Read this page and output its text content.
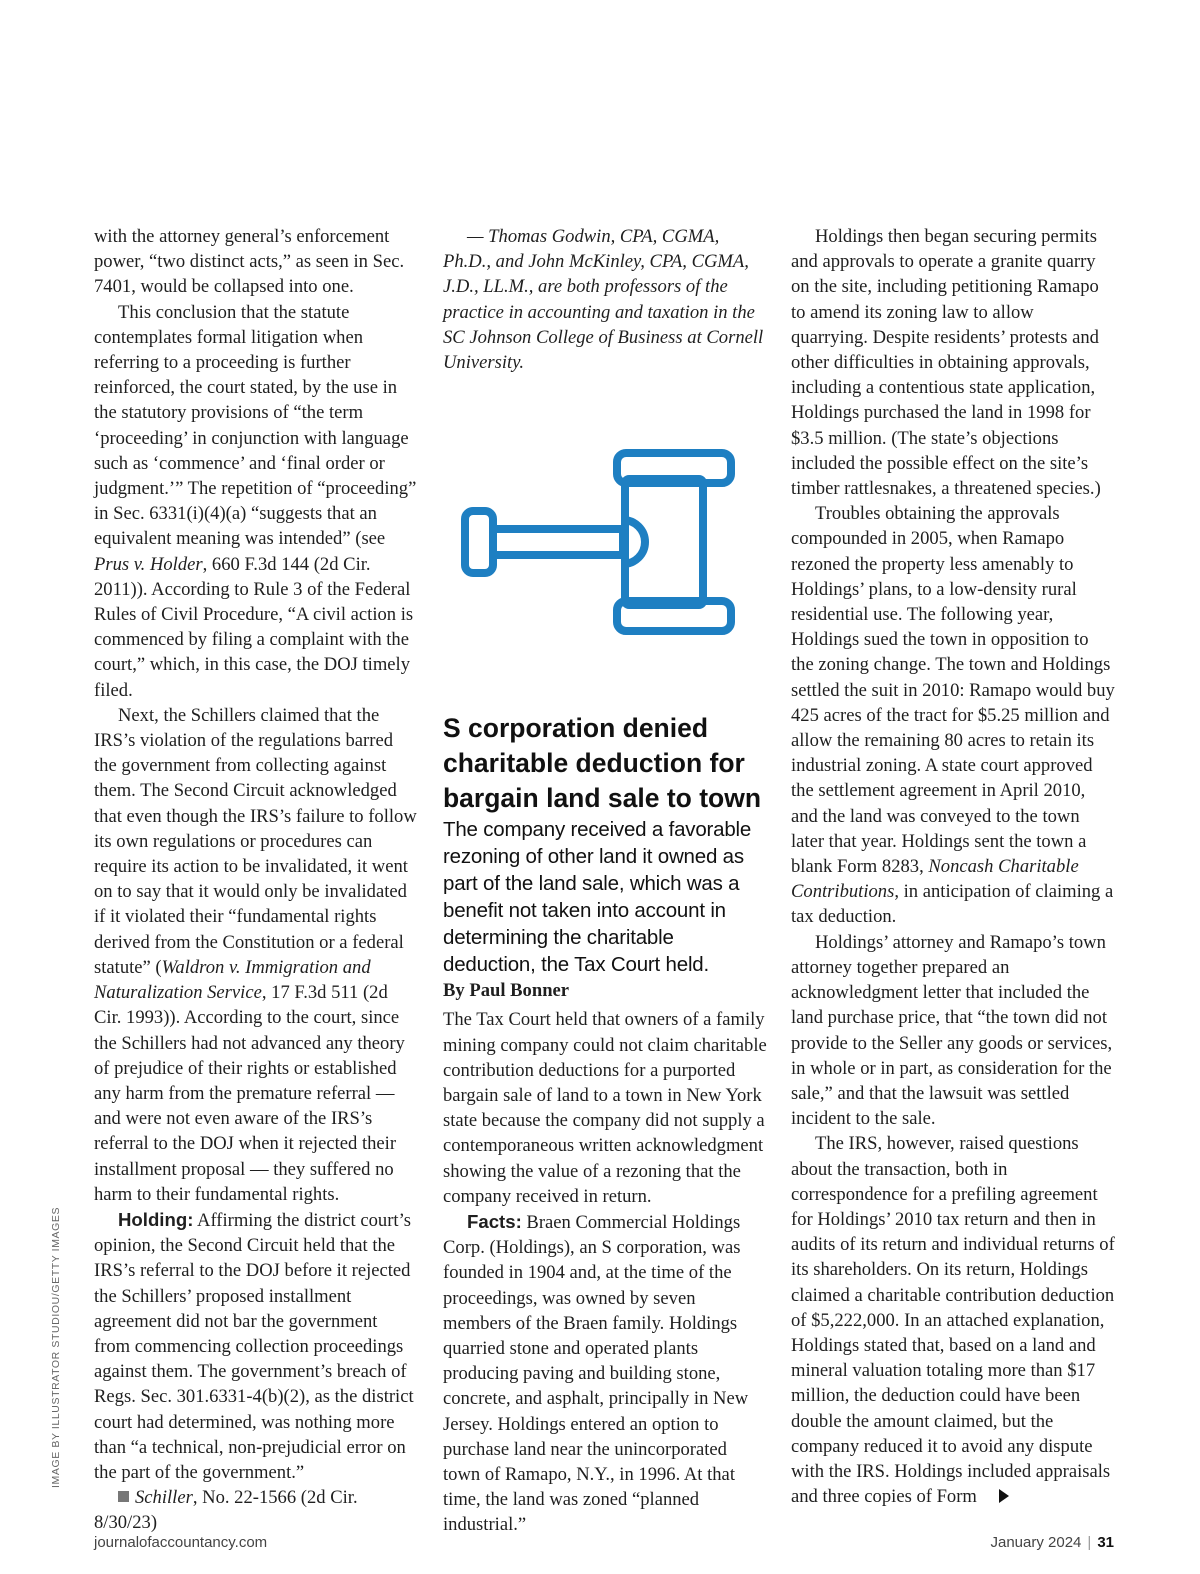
with the attorney general’s enforcement power, “two distinct acts,” as seen in Sec. 7401, would be collapsed into one.

This conclusion that the statute contemplates formal litigation when referring to a proceeding is further reinforced, the court stated, by the use in the statutory provisions of “the term ‘proceeding’ in conjunction with language such as ‘commence’ and ‘final order or judgment.’” The repetition of “proceeding” in Sec. 6331(i)(4)(a) “suggests that an equivalent meaning was intended” (see Prus v. Holder, 660 F.3d 144 (2d Cir. 2011)). According to Rule 3 of the Federal Rules of Civil Procedure, “A civil action is commenced by filing a complaint with the court,” which, in this case, the DOJ timely filed.

Next, the Schillers claimed that the IRS’s violation of the regulations barred the government from collecting against them. The Second Circuit acknowledged that even though the IRS’s failure to follow its own regulations or procedures can require its action to be invalidated, it went on to say that it would only be invalidated if it violated their “fundamental rights derived from the Constitution or a federal statute” (Waldron v. Immigration and Naturalization Service, 17 F.3d 511 (2d Cir. 1993)). According to the court, since the Schillers had not advanced any theory of prejudice of their rights or established any harm from the premature referral — and were not even aware of the IRS’s referral to the DOJ when it rejected their installment proposal — they suffered no harm to their fundamental rights.

Holding: Affirming the district court’s opinion, the Second Circuit held that the IRS’s referral to the DOJ before it rejected the Schillers’ proposed installment agreement did not bar the government from commencing collection proceedings against them. The government’s breach of Regs. Sec. 301.6331-4(b)(2), as the district court had determined, was nothing more than “a technical, non-prejudicial error on the part of the government.”

Schiller, No. 22-1566 (2d Cir. 8/30/23)

— Thomas Godwin, CPA, CGMA, Ph.D., and John McKinley, CPA, CGMA, J.D., LL.M., are both professors of the practice in accounting and taxation in the SC Johnson College of Business at Cornell University.

S corporation denied charitable deduction for bargain land sale to town

The company received a favorable rezoning of other land it owned as part of the land sale, which was a benefit not taken into account in determining the charitable deduction, the Tax Court held.

By Paul Bonner

The Tax Court held that owners of a family mining company could not claim charitable contribution deductions for a purported bargain sale of land to a town in New York state because the company did not supply a contemporaneous written acknowledgment showing the value of a rezoning that the company received in return.

Facts: Braen Commercial Holdings Corp. (Holdings), an S corporation, was founded in 1904 and, at the time of the proceedings, was owned by seven members of the Braen family. Holdings quarried stone and operated plants producing paving and building stone, concrete, and asphalt, principally in New Jersey. Holdings entered an option to purchase land near the unincorporated town of Ramapo, N.Y., in 1996. At that time, the land was zoned “planned industrial.”

Holdings then began securing permits and approvals to operate a granite quarry on the site, including petitioning Ramapo to amend its zoning law to allow quarrying. Despite residents’ protests and other difficulties in obtaining approvals, including a contentious state application, Holdings purchased the land in 1998 for $3.5 million. (The state’s objections included the possible effect on the site’s timber rattlesnakes, a threatened species.)

Troubles obtaining the approvals compounded in 2005, when Ramapo rezoned the property less amenably to Holdings’ plans, to a low-density rural residential use. The following year, Holdings sued the town in opposition to the zoning change. The town and Holdings settled the suit in 2010: Ramapo would buy 425 acres of the tract for $5.25 million and allow the remaining 80 acres to retain its industrial zoning. A state court approved the settlement agreement in April 2010, and the land was conveyed to the town later that year. Holdings sent the town a blank Form 8283, Noncash Charitable Contributions, in anticipation of claiming a tax deduction.

Holdings’ attorney and Ramapo’s town attorney together prepared an acknowledgment letter that included the land purchase price, that “the town did not provide to the Seller any goods or services, in whole or in part, as consideration for the sale,” and that the lawsuit was settled incident to the sale.

The IRS, however, raised questions about the transaction, both in correspondence for a prefiling agreement for Holdings’ 2010 tax return and then in audits of its return and individual returns of its shareholders. On its return, Holdings claimed a charitable contribution deduction of $5,222,000. In an attached explanation, Holdings stated that, based on a land and mineral valuation totaling more than $17 million, the deduction could have been double the amount claimed, but the company reduced it to avoid any dispute with the IRS. Holdings included appraisals and three copies of Form

IMAGE BY ILLUSTRATOR STUDIOU/GETTY IMAGES
journalofaccountancy.com	January 2024 | 31
